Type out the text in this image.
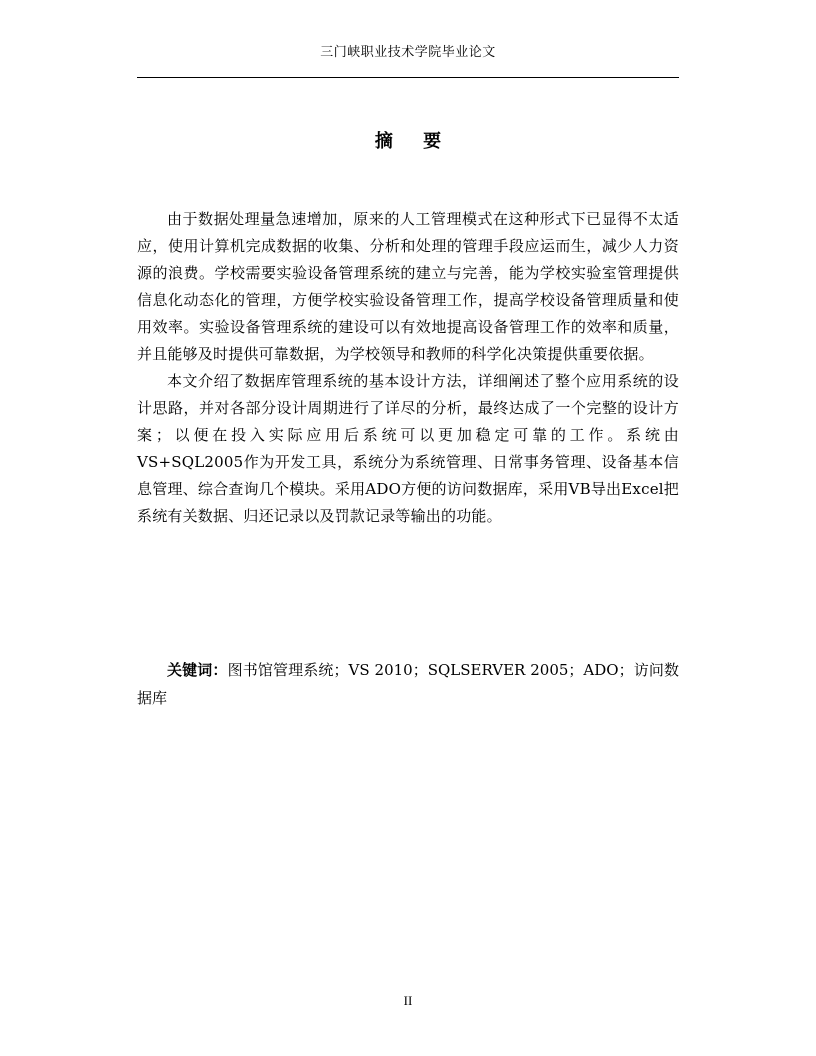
三门峡职业技术学院毕业论文
摘 要

由于数据处理量急速增加，原来的人工管理模式在这种形式下已显得不太适应，使用计算机完成数据的收集、分析和处理的管理手段应运而生，减少人力资源的浪费。学校需要实验设备管理系统的建立与完善，能为学校实验室管理提供信息化动态化的管理，方便学校实验设备管理工作，提高学校设备管理质量和使用效率。实验设备管理系统的建设可以有效地提高设备管理工作的效率和质量，并且能够及时提供可靠数据，为学校领导和教师的科学化决策提供重要依据。

本文介绍了数据库管理系统的基本设计方法，详细阐述了整个应用系统的设计思路，并对各部分设计周期进行了详尽的分析，最终达成了一个完整的设计方案；以便在投入实际应用后系统可以更加稳定可靠的工作。系统由VS+SQL2005作为开发工具，系统分为系统管理、日常事务管理、设备基本信息管理、综合查询几个模块。采用ADO方便的访问数据库，采用VB导出Excel把系统有关数据、归还记录以及罚款记录等输出的功能。

关键词：图书馆管理系统；VS 2010；SQLSERVER 2005；ADO；访问数据库

II
